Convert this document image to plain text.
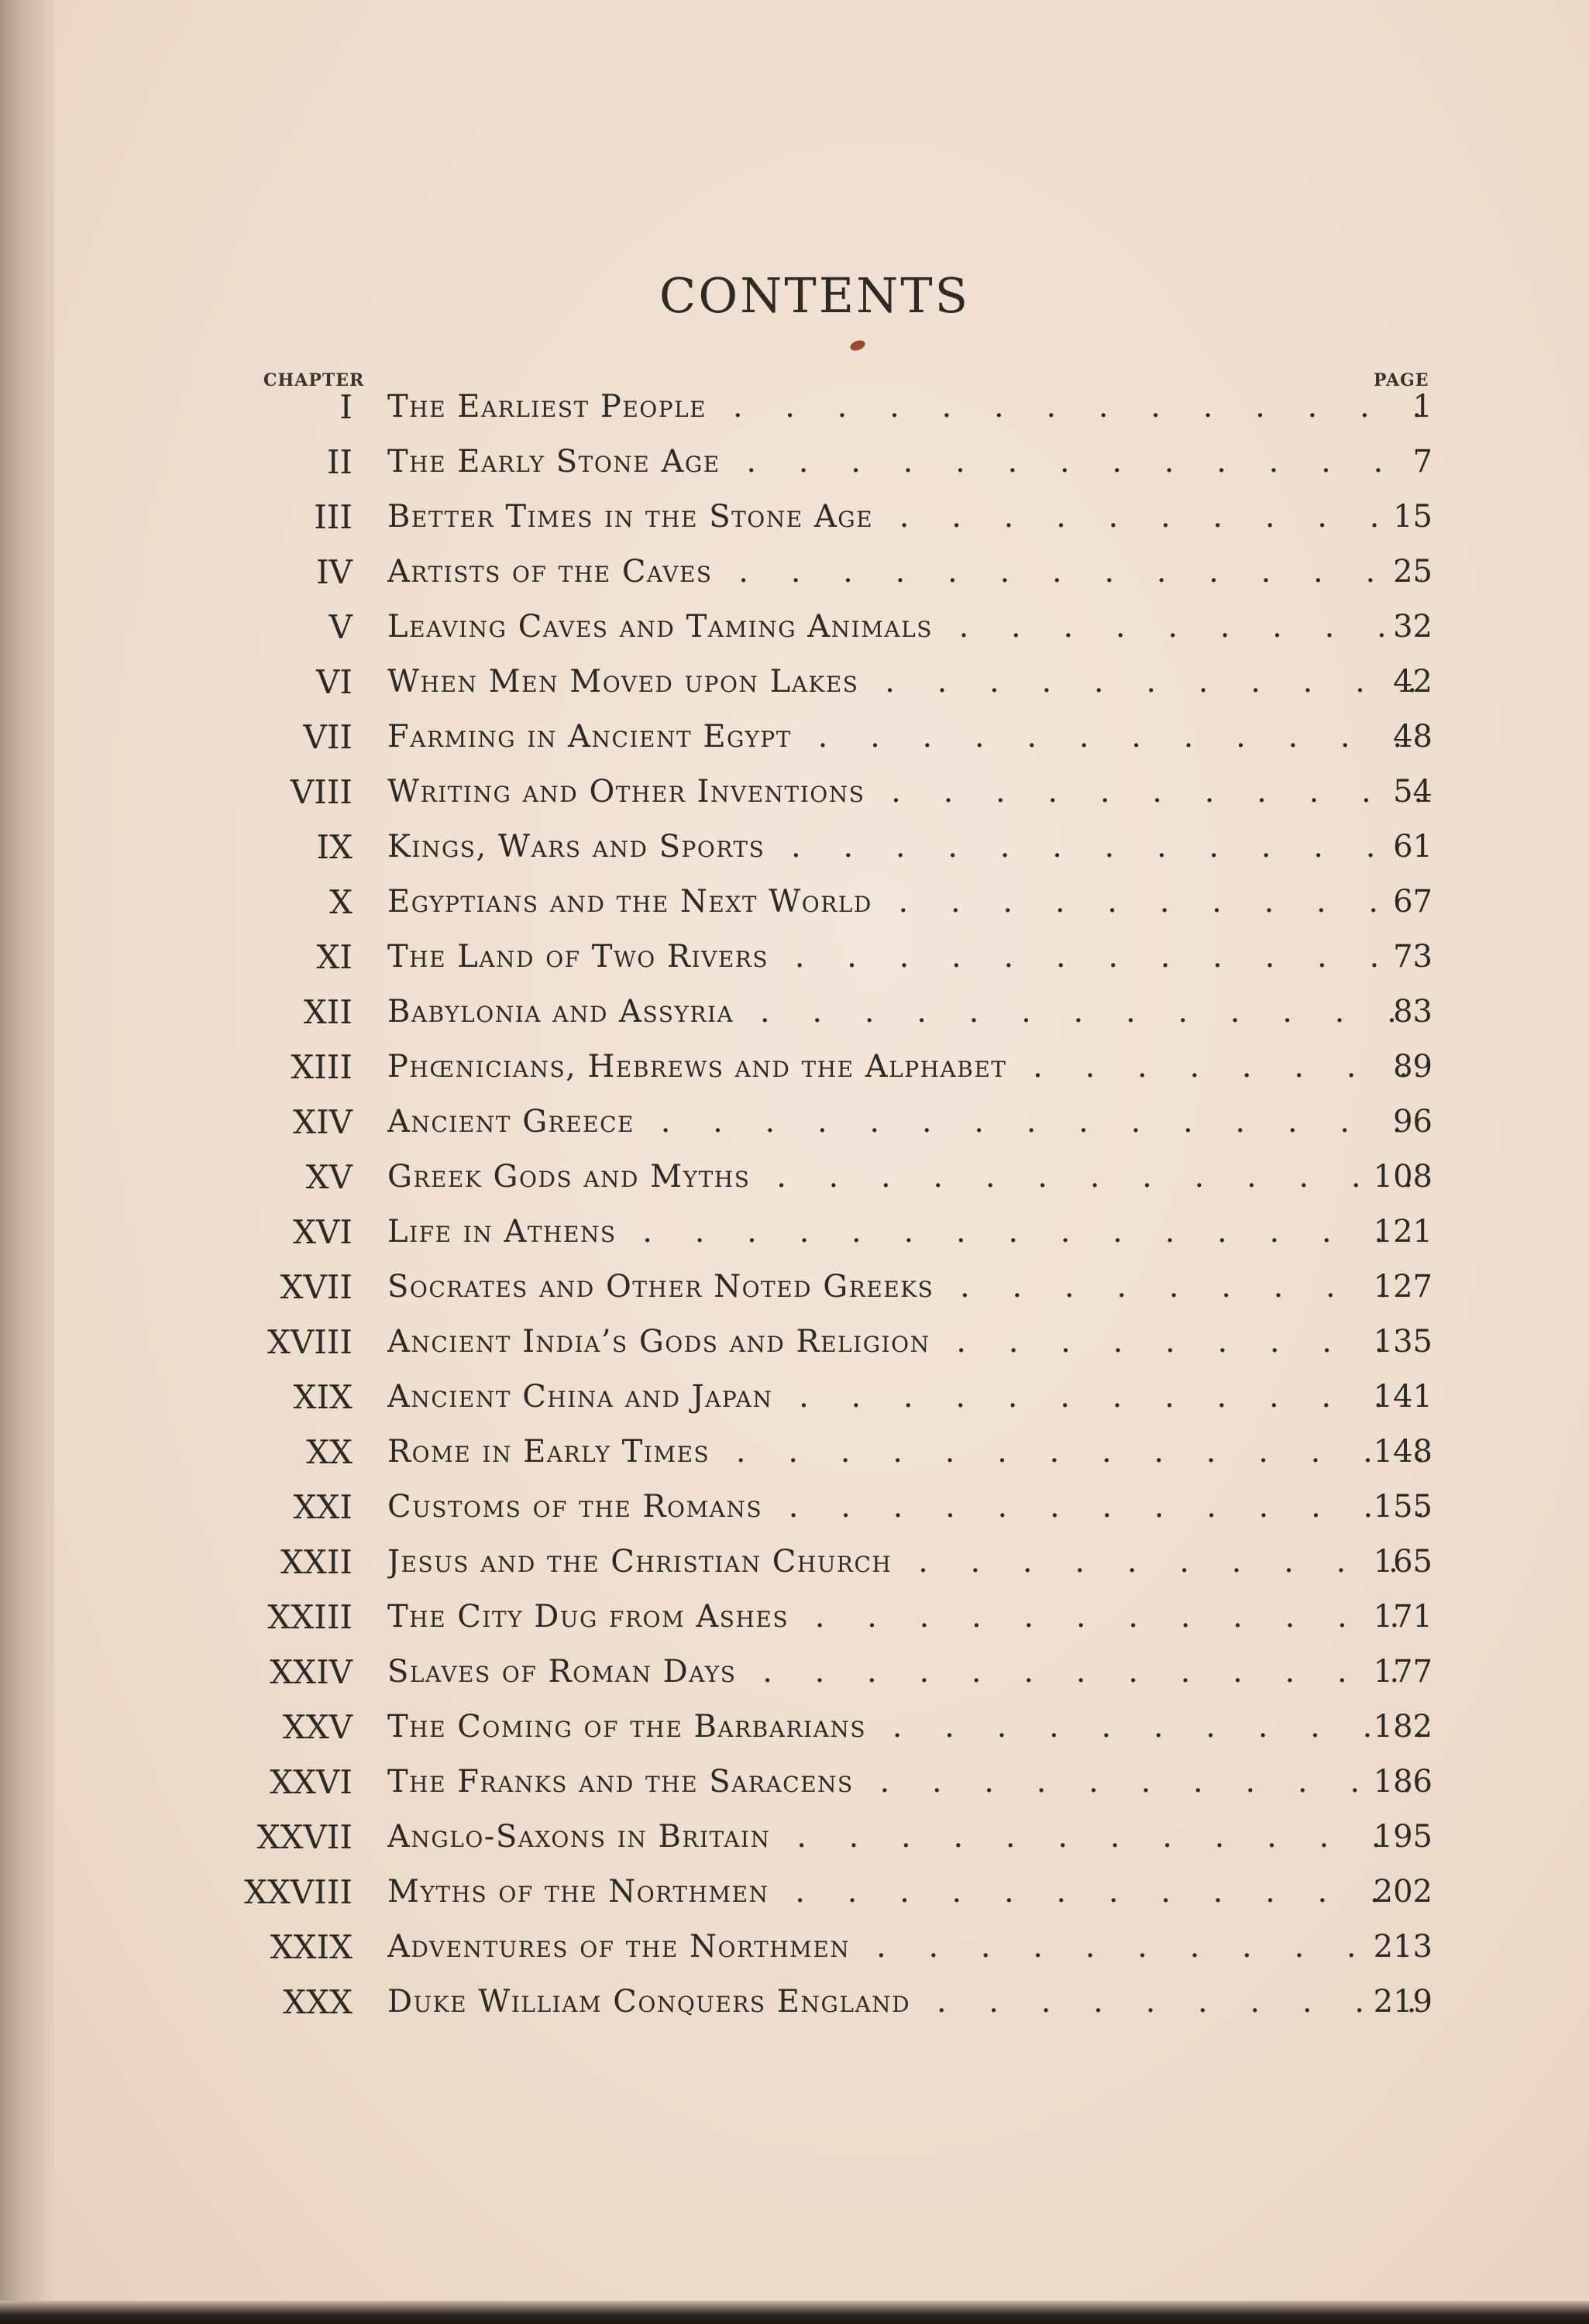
CONTENTS
CHAPTER	PAGE
I The Earliest People . . .	1
II The Early Stone Age . . .	7
III Better Times in the Stone Age . . .	15
IV Artists of the Caves . . .	25
V Leaving Caves and Taming Animals . . .	32
VI When Men Moved upon Lakes . . .	42
VII Farming in Ancient Egypt . . .	48
VIII Writing and Other Inventions . . .	54
IX Kings, Wars and Sports . . .	61
X Egyptians and the Next World . . .	67
XI The Land of Two Rivers . . .	73
XII Babylonia and Assyria . . .	83
XIII Phœnicians, Hebrews and the Alphabet . . .	89
XIV Ancient Greece . . .	96
XV Greek Gods and Myths . . .	108
XVI Life in Athens . . .	121
XVII Socrates and Other Noted Greeks . . .	127
XVIII Ancient India’s Gods and Religion . . .	135
XIX Ancient China and Japan . . .	141
XX Rome in Early Times . . .	148
XXI Customs of the Romans . . .	155
XXII Jesus and the Christian Church . . .	165
XXIII The City Dug from Ashes . . .	171
XXIV Slaves of Roman Days . . .	177
XXV The Coming of the Barbarians . . .	182
XXVI The Franks and the Saracens . . .	186
XXVII Anglo-Saxons in Britain . . .	195
XXVIII Myths of the Northmen . . .	202
XXIX Adventures of the Northmen . . .	213
XXX Duke William Conquers England . . .	219
